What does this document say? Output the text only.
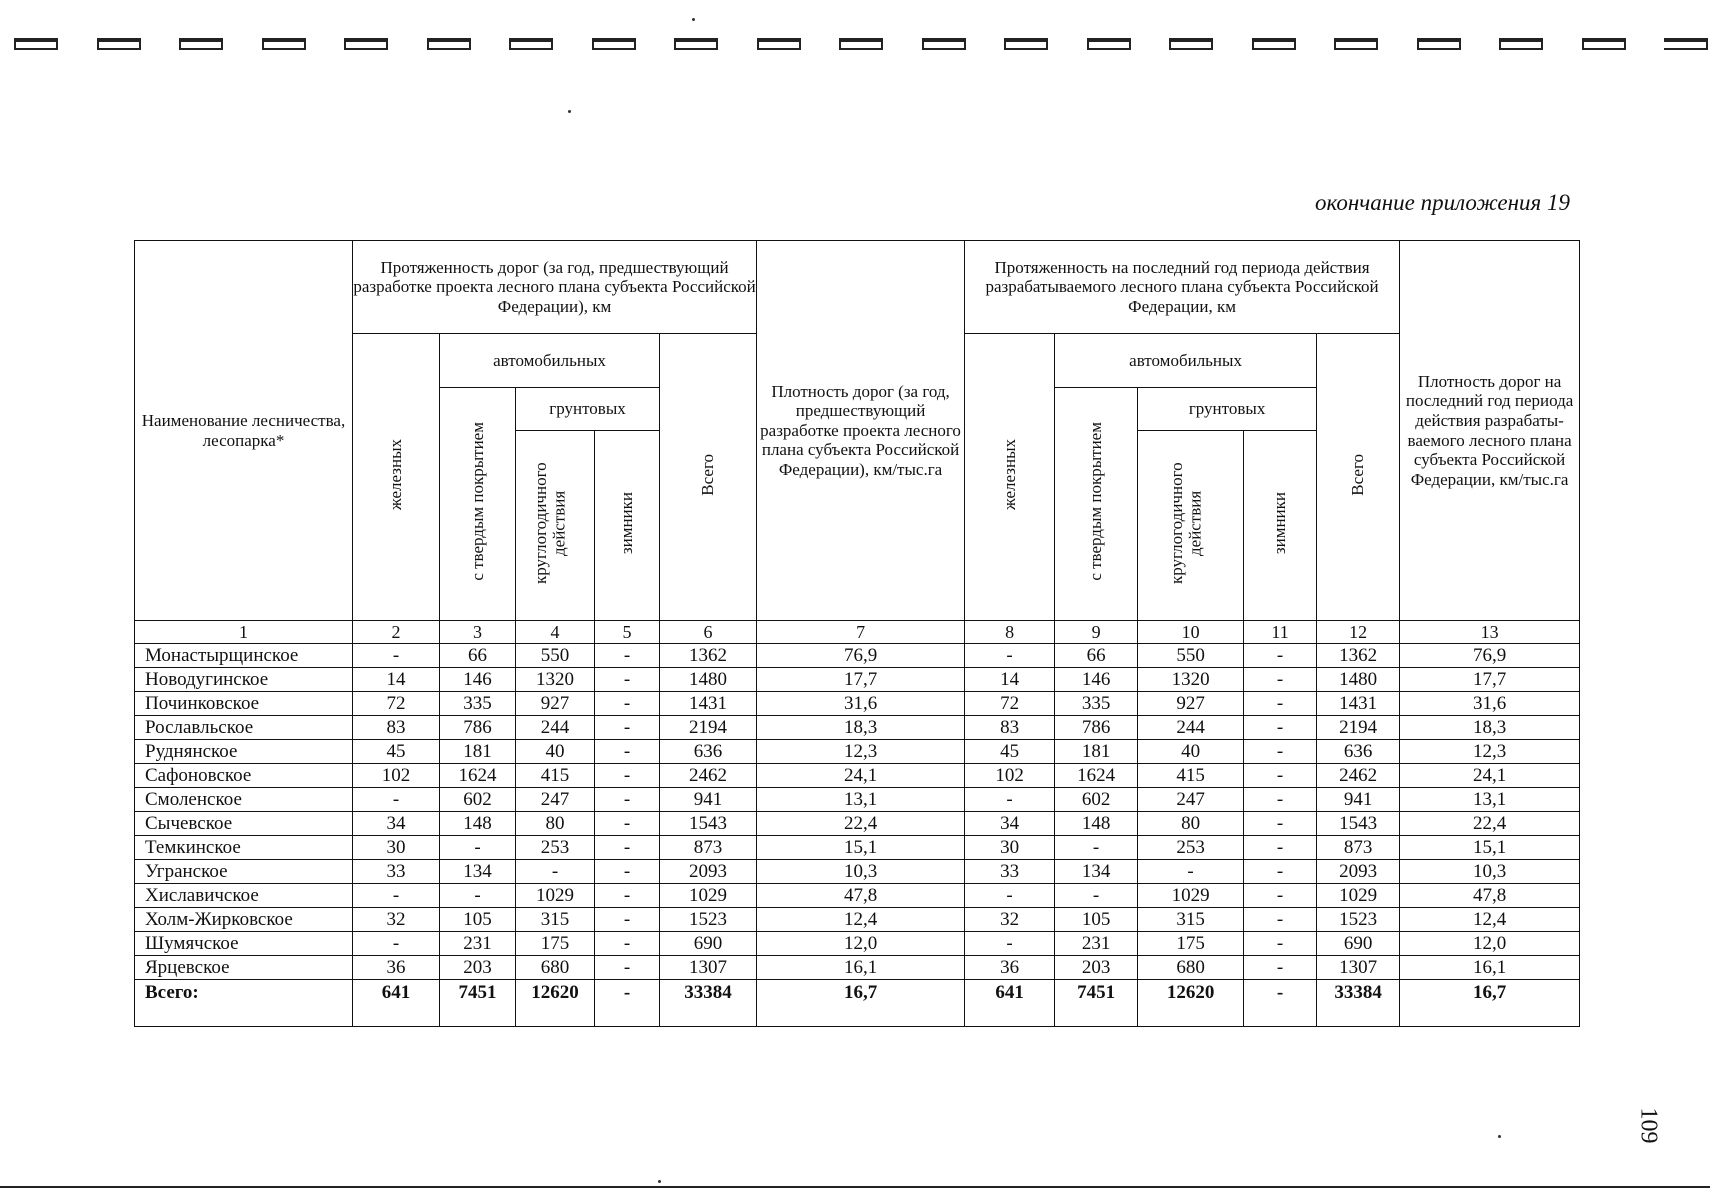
окончание приложения 19
Наименование лесничества, лесопарка*	Протяженность дорог (за год, предшествующий разработке проекта лесного плана субъекта Российской Федерации), км					Плотность дорог (за год, предшествующий разработке проекта лесного плана субъекта Российской Федерации), км/тыс.га	Протяженность на последний год периода действия разрабатываемого лесного плана субъекта Российской Федерации, км					Плотность дорог на последний год периода действия разрабаты-ваемого лесного плана субъекта Российской Федерации, км/тыс.га
	железных	автомобильных			Всего		железных	автомобильных			Всего	
		с твердым покрытием	грунтовых					с твердым покрытием	грунтовых			
			круглогодичного действия	зимники					круглогодичного действия	зимники		
1	2	3	4	5	6	7	8	9	10	11	12	13
Монастырщинское	-	66	550	-	1362	76,9	-	66	550	-	1362	76,9
Новодугинское	14	146	1320	-	1480	17,7	14	146	1320	-	1480	17,7
Починковское	72	335	927	-	1431	31,6	72	335	927	-	1431	31,6
Рославльское	83	786	244	-	2194	18,3	83	786	244	-	2194	18,3
Руднянское	45	181	40	-	636	12,3	45	181	40	-	636	12,3
Сафоновское	102	1624	415	-	2462	24,1	102	1624	415	-	2462	24,1
Смоленское	-	602	247	-	941	13,1	-	602	247	-	941	13,1
Сычевское	34	148	80	-	1543	22,4	34	148	80	-	1543	22,4
Темкинское	30	-	253	-	873	15,1	30	-	253	-	873	15,1
Угранское	33	134	-	-	2093	10,3	33	134	-	-	2093	10,3
Хиславичское	-	-	1029	-	1029	47,8	-	-	1029	-	1029	47,8
Холм-Жирковское	32	105	315	-	1523	12,4	32	105	315	-	1523	12,4
Шумячское	-	231	175	-	690	12,0	-	231	175	-	690	12,0
Ярцевское	36	203	680	-	1307	16,1	36	203	680	-	1307	16,1
Всего:	641	7451	12620	-	33384	16,7	641	7451	12620	-	33384	16,7
109
